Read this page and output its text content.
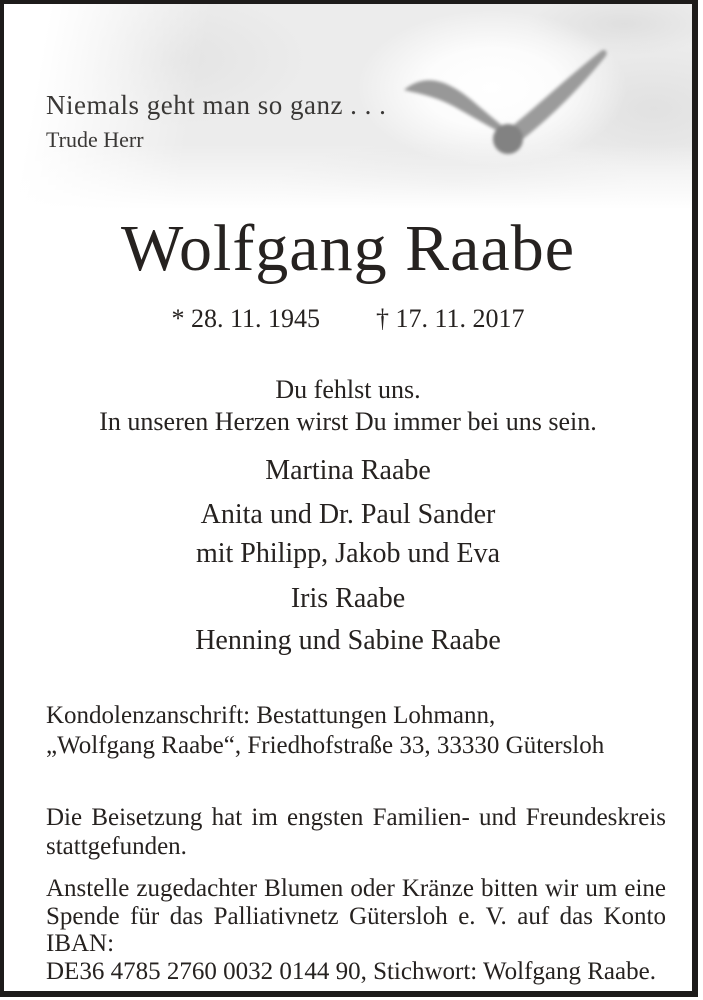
Niemals geht man so ganz . . .
Trude Herr
Wolfgang Raabe
* 28. 11. 1945 † 17. 11. 2017
Du fehlst uns.
In unseren Herzen wirst Du immer bei uns sein.
Martina Raabe
Anita und Dr. Paul Sander
mit Philipp, Jakob und Eva
Iris Raabe
Henning und Sabine Raabe
Kondolenzanschrift: Bestattungen Lohmann,
„Wolfgang Raabe“, Friedhofstraße 33, 33330 Gütersloh
Die Beisetzung hat im engsten Familien- und Freundeskreis
stattgefunden.
Anstelle zugedachter Blumen oder Kränze bitten wir um eine
Spende für das Palliativnetz Gütersloh e. V. auf das Konto IBAN:
DE36 4785 2760 0032 0144 90, Stichwort: Wolfgang Raabe.
